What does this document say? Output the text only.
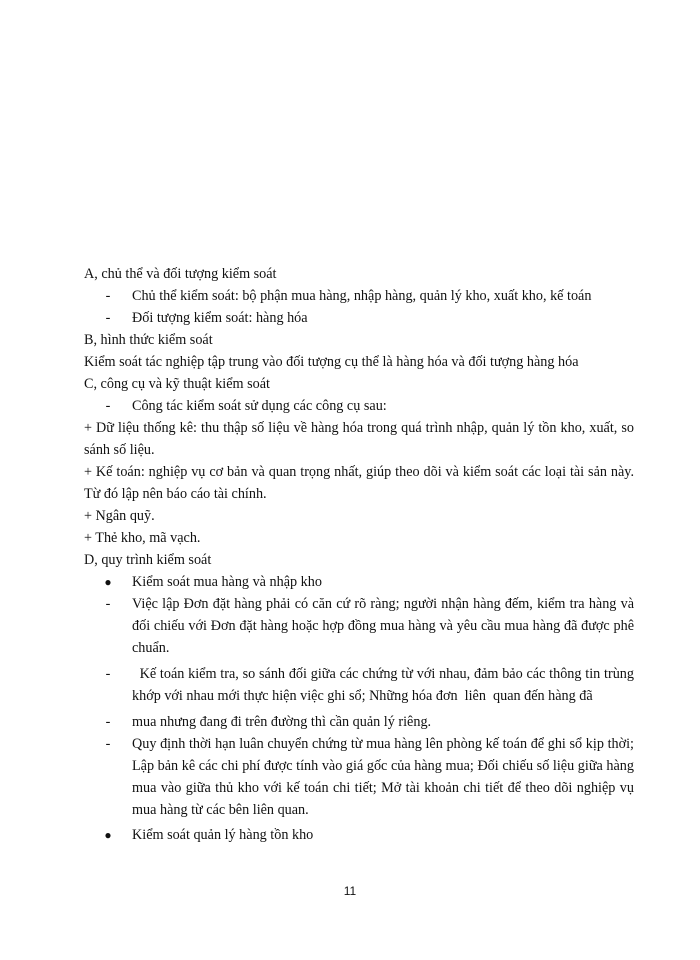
A, chủ thể và đối tượng kiểm soát
-	Chủ thể kiểm soát: bộ phận mua hàng, nhập hàng, quản lý kho, xuất kho, kế toán
-	Đối tượng kiểm soát: hàng hóa
B, hình thức kiểm soát
Kiểm soát tác nghiệp tập trung vào đối tượng cụ thể là hàng hóa và đối tượng hàng hóa
C, công cụ và kỹ thuật kiểm soát
-	Công tác kiểm soát sử dụng các công cụ sau:
+ Dữ liệu thống kê: thu thập số liệu về hàng hóa trong quá trình nhập, quản lý tồn kho, xuất, so sánh số liệu.
+ Kế toán: nghiệp vụ cơ bản và quan trọng nhất, giúp theo dõi và kiểm soát các loại tài sản này. Từ đó lập nên báo cáo tài chính.
+ Ngân quỹ.
+ Thẻ kho, mã vạch.
D, quy trình kiểm soát
●	Kiểm soát mua hàng và nhập kho
-	Việc lập Đơn đặt hàng phải có căn cứ rõ ràng; người nhận hàng đếm, kiểm tra hàng và đối chiếu với Đơn đặt hàng hoặc hợp đồng mua hàng và yêu cầu mua hàng đã được phê chuẩn.
-	Kế toán kiểm tra, so sánh đối giữa các chứng từ với nhau, đảm bảo các thông tin trùng khớp với nhau mới thực hiện việc ghi sổ; Những hóa đơn  liên  quan đến hàng đã
-	mua nhưng đang đi trên đường thì cần quản lý riêng.
-	Quy định thời hạn luân chuyển chứng từ mua hàng lên phòng kế toán để ghi sổ kịp thời; Lập bản kê các chi phí được tính vào giá gốc của hàng mua; Đối chiếu số liệu giữa hàng mua vào giữa thủ kho với kế toán chi tiết; Mở tài khoản chi tiết để theo dõi nghiệp vụ mua hàng từ các bên liên quan.
●	Kiểm soát quản lý hàng tồn kho
11
